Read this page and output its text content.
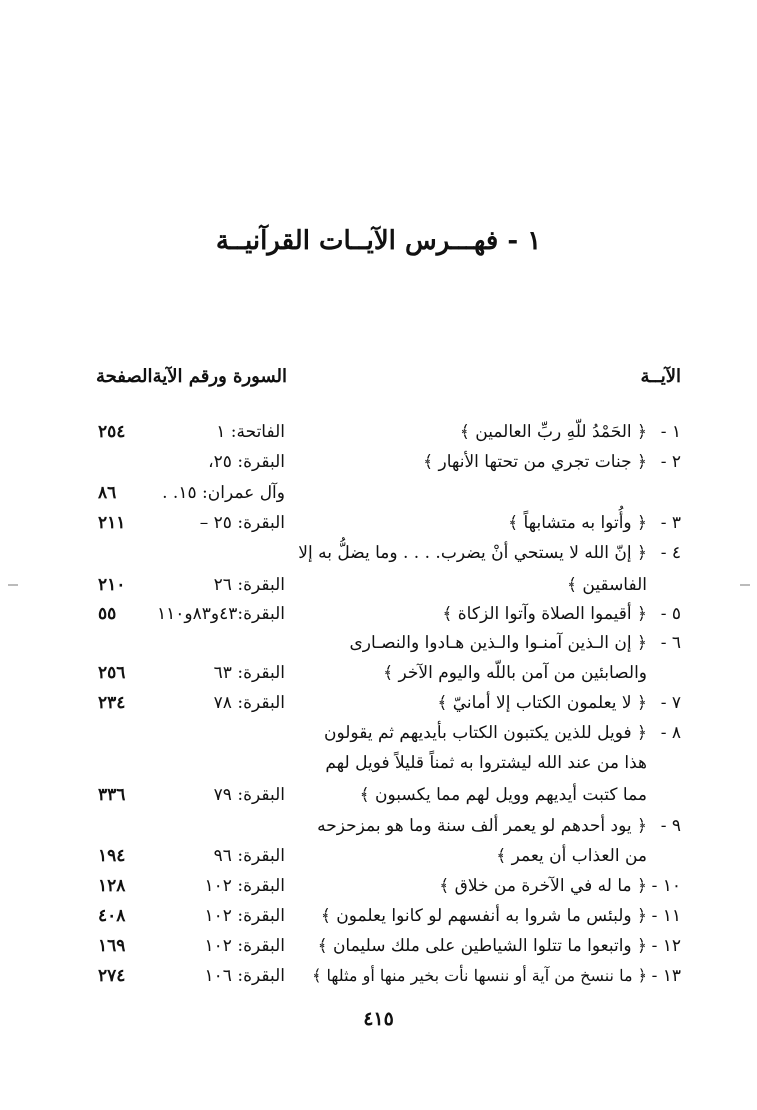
١ - فهـــرس الآيــات القرآنيــة
الآيــة
السورة ورقم الآية
الصفحة
١ -
﴿ الحَمْدُ للّهِ ربِّ العالمين ﴾
الفاتحة: ١
٢٥٤
٢ -
﴿ جنات تجري من تحتها الأنهار ﴾
البقرة: ٢٥،
وآل عمران: ١٥. .
٨٦
٣ -
﴿ وأُتوا به متشابهاً ﴾
البقرة: ٢٥ –
٢١١
٤ -
﴿ إنّ الله لا يستحي أنْ يضرب. . . . وما يضلُّ به إلا
الفاسقين ﴾
البقرة: ٢٦
٢١٠
٥ -
﴿ أقيموا الصلاة وآتوا الزكاة ﴾
البقرة:٤٣و٨٣و١١٠
٥٥
٦ -
﴿ إن الـذين آمنـوا والـذين هـادوا والنصـارى
والصابئين من آمن باللّه واليوم الآخر ﴾
البقرة: ٦٣
٢٥٦
٧ -
﴿ لا يعلمون الكتاب إلا أمانيّ ﴾
البقرة: ٧٨
٢٣٤
٨ -
﴿ فويل للذين يكتبون الكتاب بأيديهم ثم يقولون
هذا من عند الله ليشتروا به ثمناً قليلاً فويل لهم
مما كتبت أيديهم وويل لهم مما يكسبون ﴾
البقرة: ٧٩
٣٣٦
٩ -
﴿ يود أحدهم لو يعمر ألف سنة وما هو بمزحزحه
من العذاب أن يعمر ﴾
البقرة: ٩٦
١٩٤
١٠ -
﴿ ما له في الآخرة من خلاق ﴾
البقرة: ١٠٢
١٢٨
١١ -
﴿ ولبئس ما شروا به أنفسهم لو كانوا يعلمون ﴾
البقرة: ١٠٢
٤٠٨
١٢ -
﴿ واتبعوا ما تتلوا الشياطين على ملك سليمان ﴾
البقرة: ١٠٢
١٦٩
١٣ -
﴿ ما ننسخ من آية أو ننسها نأت بخير منها أو مثلها ﴾
البقرة: ١٠٦
٢٧٤
٤١٥
